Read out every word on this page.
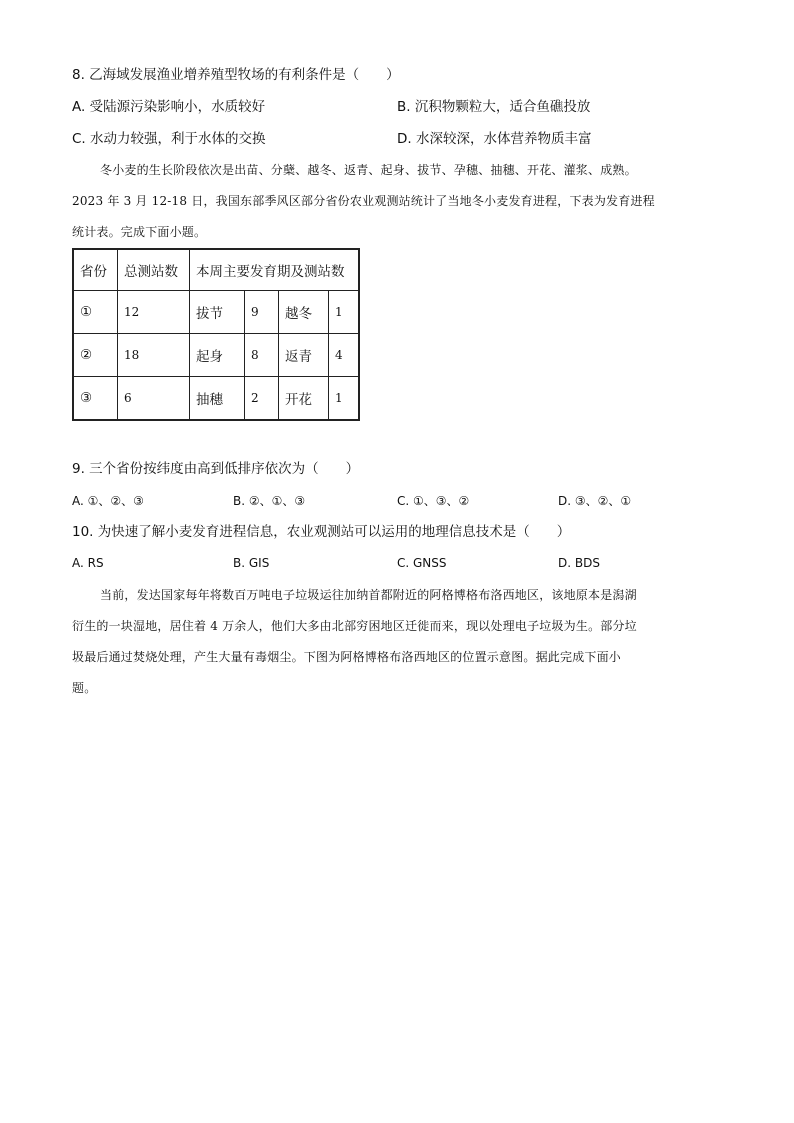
8. 乙海域发展渔业增养殖型牧场的有利条件是（　　）
A. 受陆源污染影响小，水质较好	B. 沉积物颗粒大，适合鱼礁投放
C. 水动力较强，利于水体的交换	D. 水深较深，水体营养物质丰富
冬小麦的生长阶段依次是出苗、分蘖、越冬、返青、起身、拔节、孕穗、抽穗、开花、灌浆、成熟。
2023 年 3 月 12-18 日，我国东部季风区部分省份农业观测站统计了当地冬小麦发育进程，下表为发育进程
统计表。完成下面小题。
省份	总测站数	本周主要发育期及测站数			
①	12	拔节	9	越冬	1
②	18	起身	8	返青	4
③	6	抽穗	2	开花	1
9. 三个省份按纬度由高到低排序依次为（　　）
A. ①、②、③	B. ②、①、③	C. ①、③、②	D. ③、②、①
10. 为快速了解小麦发育进程信息，农业观测站可以运用的地理信息技术是（　　）
A. RS	B. GIS	C. GNSS	D. BDS
当前，发达国家每年将数百万吨电子垃圾运往加纳首都附近的阿格博格布洛西地区，该地原本是潟湖
衍生的一块湿地，居住着 4 万余人，他们大多由北部穷困地区迁徙而来，现以处理电子垃圾为生。部分垃
圾最后通过焚烧处理，产生大量有毒烟尘。下图为阿格博格布洛西地区的位置示意图。据此完成下面小
题。
